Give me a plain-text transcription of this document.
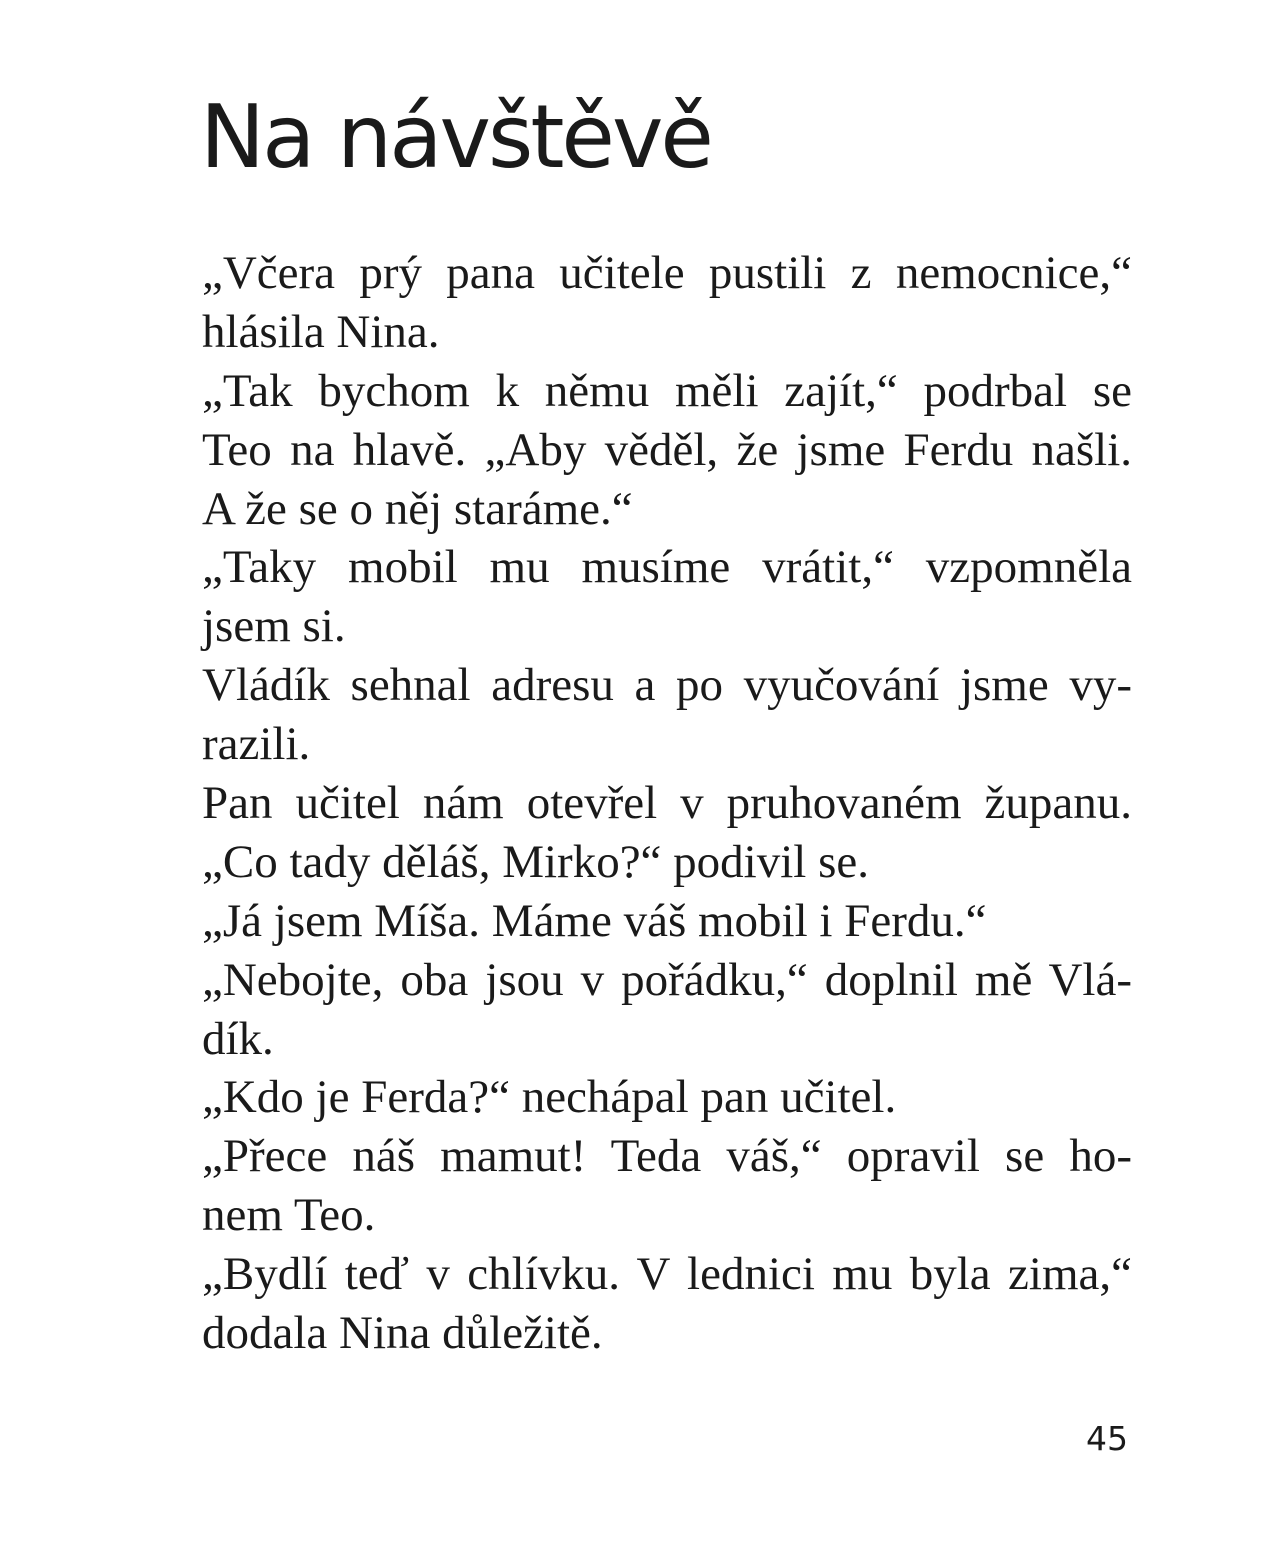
Na návštěvě
„Včera prý pana učitele pustili z nemocnice,“
hlásila Nina.
„Tak bychom k němu měli zajít,“ podrbal se
Teo na hlavě. „Aby věděl, že jsme Ferdu našli.
A že se o něj staráme.“
„Taky mobil mu musíme vrátit,“ vzpomněla
jsem si.
Vládík sehnal adresu a po vyučování jsme vy-
razili.
Pan učitel nám otevřel v pruhovaném županu.
„Co tady děláš, Mirko?“ podivil se.
„Já jsem Míša. Máme váš mobil i Ferdu.“
„Nebojte, oba jsou v pořádku,“ doplnil mě Vlá-
dík.
„Kdo je Ferda?“ nechápal pan učitel.
„Přece náš mamut! Teda váš,“ opravil se ho-
nem Teo.
„Bydlí teď v chlívku. V lednici mu byla zima,“
dodala Nina důležitě.
45
